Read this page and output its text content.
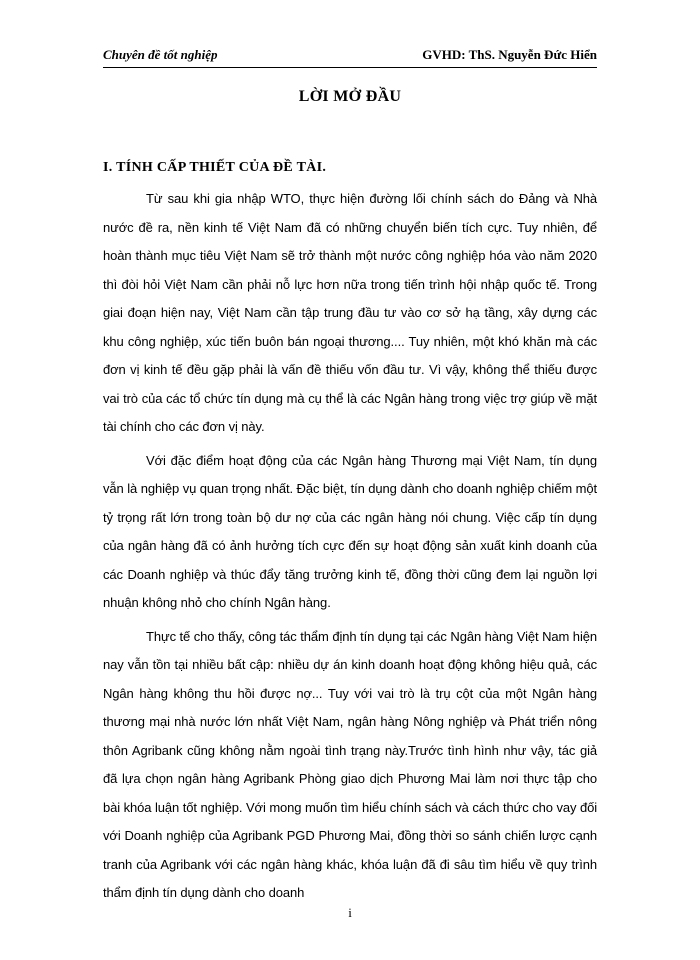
Chuyên đề tốt nghiệp	GVHD: ThS. Nguyễn Đức Hiển
LỜI MỞ ĐẦU
I. TÍNH CẤP THIẾT CỦA ĐỀ TÀI.

Từ sau khi gia nhập WTO, thực hiện đường lối chính sách do Đảng và Nhà nước đề ra, nền kinh tế Việt Nam đã có những chuyển biến tích cực. Tuy nhiên, để hoàn thành mục tiêu Việt Nam sẽ trở thành một nước công nghiệp hóa vào năm 2020 thì đòi hỏi Việt Nam cần phải nỗ lực hơn nữa trong tiến trình hội nhập quốc tế. Trong giai đoạn hiện nay, Việt Nam cần tập trung đầu tư vào cơ sở hạ tầng, xây dựng các khu công nghiệp, xúc tiến buôn bán ngoại thương.... Tuy nhiên, một khó khăn mà các đơn vị kinh tế đều gặp phải là vấn đề thiếu vốn đầu tư. Vì vậy, không thể thiếu được vai trò của các tổ chức tín dụng mà cụ thể là các Ngân hàng trong việc trợ giúp về mặt tài chính cho các đơn vị này.

Với đặc điểm hoạt động của các Ngân hàng Thương mại Việt Nam, tín dụng vẫn là nghiệp vụ quan trọng nhất. Đặc biệt, tín dụng dành cho doanh nghiệp chiếm một tỷ trọng rất lớn trong toàn bộ dư nợ của các ngân hàng nói chung. Việc cấp tín dụng của ngân hàng đã có ảnh hưởng tích cực đến sự hoạt động sản xuất kinh doanh của các Doanh nghiệp và thúc đẩy tăng trưởng kinh tế, đồng thời cũng đem lại nguồn lợi nhuận không nhỏ cho chính Ngân hàng.

Thực tế cho thấy, công tác thẩm định tín dụng tại các Ngân hàng Việt Nam hiện nay vẫn tồn tại nhiều bất cập: nhiều dự án kinh doanh hoạt động không hiệu quả, các Ngân hàng không thu hồi được nợ... Tuy với vai trò là trụ cột của một Ngân hàng thương mại nhà nước lớn nhất Việt Nam, ngân hàng Nông nghiệp và Phát triển nông thôn Agribank cũng không nằm ngoài tình trạng này.Trước tình hình như vậy, tác giả đã lựa chọn ngân hàng Agribank Phòng giao dịch Phương Mai làm nơi thực tập cho bài khóa luận tốt nghiệp. Với mong muốn tìm hiểu chính sách và cách thức cho vay đối với Doanh nghiệp của Agribank PGD Phương Mai, đồng thời so sánh chiến lược cạnh tranh của Agribank với các ngân hàng khác, khóa luận đã đi sâu tìm hiểu về quy trình thẩm định tín dụng dành cho doanh

i
